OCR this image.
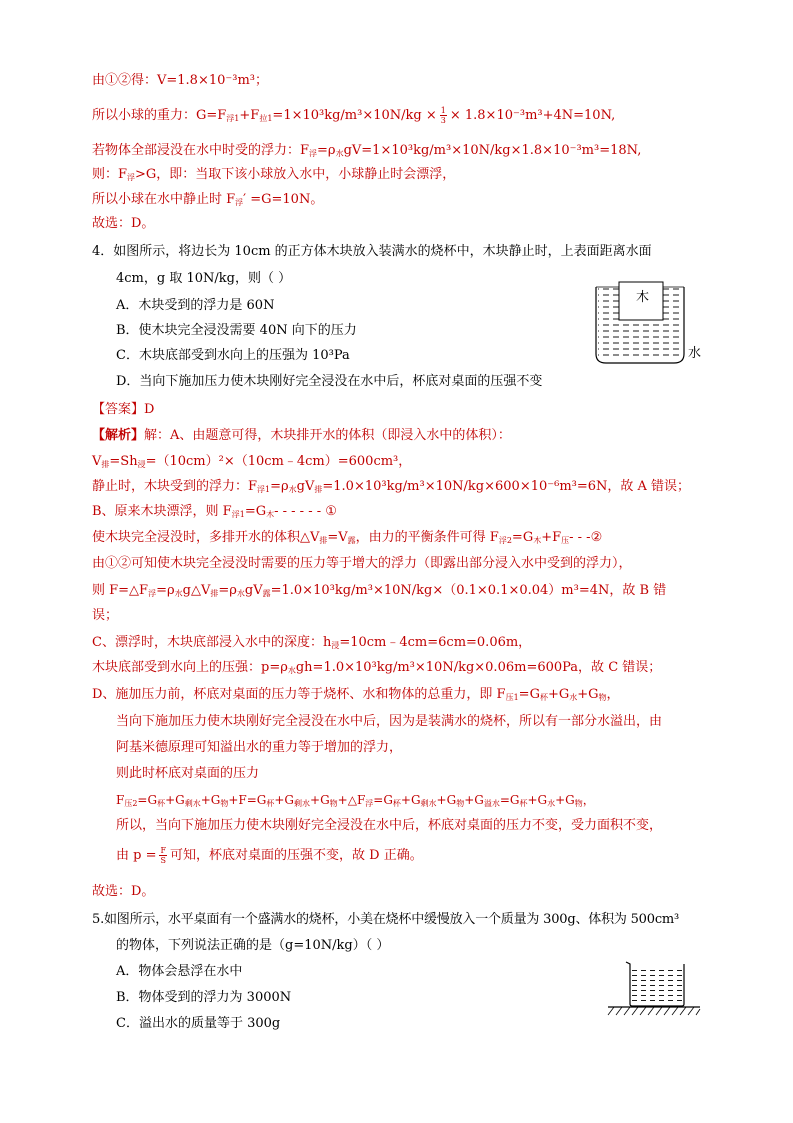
由①②得：V=1.8×10⁻³m³；
所以小球的重力：$G=F_{浮1}+F_{拉1}=1\times 10^3kg/m^3\times 10N/kg \times \frac{1}{3} \times 1.8\times 10^{-3}m^3+4N=10N$,
若物体全部浸没在水中时受的浮力：$F_浮=\rho_水gV=1\times 10^3kg/m^3\times 10N/kg\times 1.8\times 10^{-3}m^3=18N$,
则：$F_浮>G$，即：当取下该小球放入水中，小球静止时会漂浮，
所以小球在水中静止时 $F_浮' =G=10N$。
故选：D。
4．如图所示，将边长为 10cm 的正方体木块放入装满水的烧杯中，木块静止时，上表面距离水面
4cm，g 取 10N/kg，则（ ）
A．木块受到的浮力是 60N
B．使木块完全浸没需要 40N 向下的压力
C．木块底部受到水向上的压强为 10³Pa
D．当向下施加压力使木块刚好完全浸没在水中后，杯底对桌面的压强不变
木
水
【答案】D
【解析】解：A、由题意可得，木块排开水的体积（即浸入水中的体积）：
$V_排=Sh_浸=(10cm)^2\times(10cm﹣4cm)=600cm^3$，
静止时，木块受到的浮力：$F_{浮1}=\rho_水gV_排=1.0\times 10^3kg/m^3\times 10N/kg\times 600\times 10^{-6}m^3=6N$，故 A 错误；
B、原来木块漂浮，则 $F_{浮1}=G_木-$ - - - - - ①
使木块完全浸没时，多排开水的体积$\triangle V_排=V_露$，由力的平衡条件可得 $F_{浮2}=G_木+F_压-$ - -②
由①②可知使木块完全浸没时需要的压力等于增大的浮力（即露出部分浸入水中受到的浮力），
则 $F=\triangle F_浮=\rho_水g\triangle V_排=\rho_水gV_露=1.0\times 10^3kg/m^3\times 10N/kg\times(0.1\times 0.1\times 0.04)m^3=4N$，故 B 错
误；
C、漂浮时，木块底部浸入水中的深度：$h_浸=10cm﹣4cm=6cm=0.06m$，
木块底部受到水向上的压强：$p=\rho_水gh=1.0\times 10^3kg/m^3\times 10N/kg\times 0.06m=600Pa$，故 C 错误；
D、施加压力前，杯底对桌面的压力等于烧杯、水和物体的总重力，即 $F_{压1}=G_杯+G_水+G_物$，
当向下施加压力使木块刚好完全浸没在水中后，因为是装满水的烧杯，所以有一部分水溢出，由
阿基米德原理可知溢出水的重力等于增加的浮力，
则此时杯底对桌面的压力
$F_{压2}=G_杯+G_{剩水}+G_物+F=G_杯+G_{剩水}+G_物+\triangle F_浮=G_杯+G_{剩水}+G_物+G_{溢水}=G_杯+G_水+G_物$，
所以，当向下施加压力使木块刚好完全浸没在水中后，杯底对桌面的压力不变，受力面积不变，
由 $p = \frac{F}{S}$ 可知，杯底对桌面的压强不变，故 D 正确。
故选：D。
5.如图所示，水平桌面有一个盛满水的烧杯，小美在烧杯中缓慢放入一个质量为 300g、体积为 500cm³
的物体，下列说法正确的是（g=10N/kg）（ ）
A．物体会悬浮在水中
B．物体受到的浮力为 3000N
C．溢出水的质量等于 300g
